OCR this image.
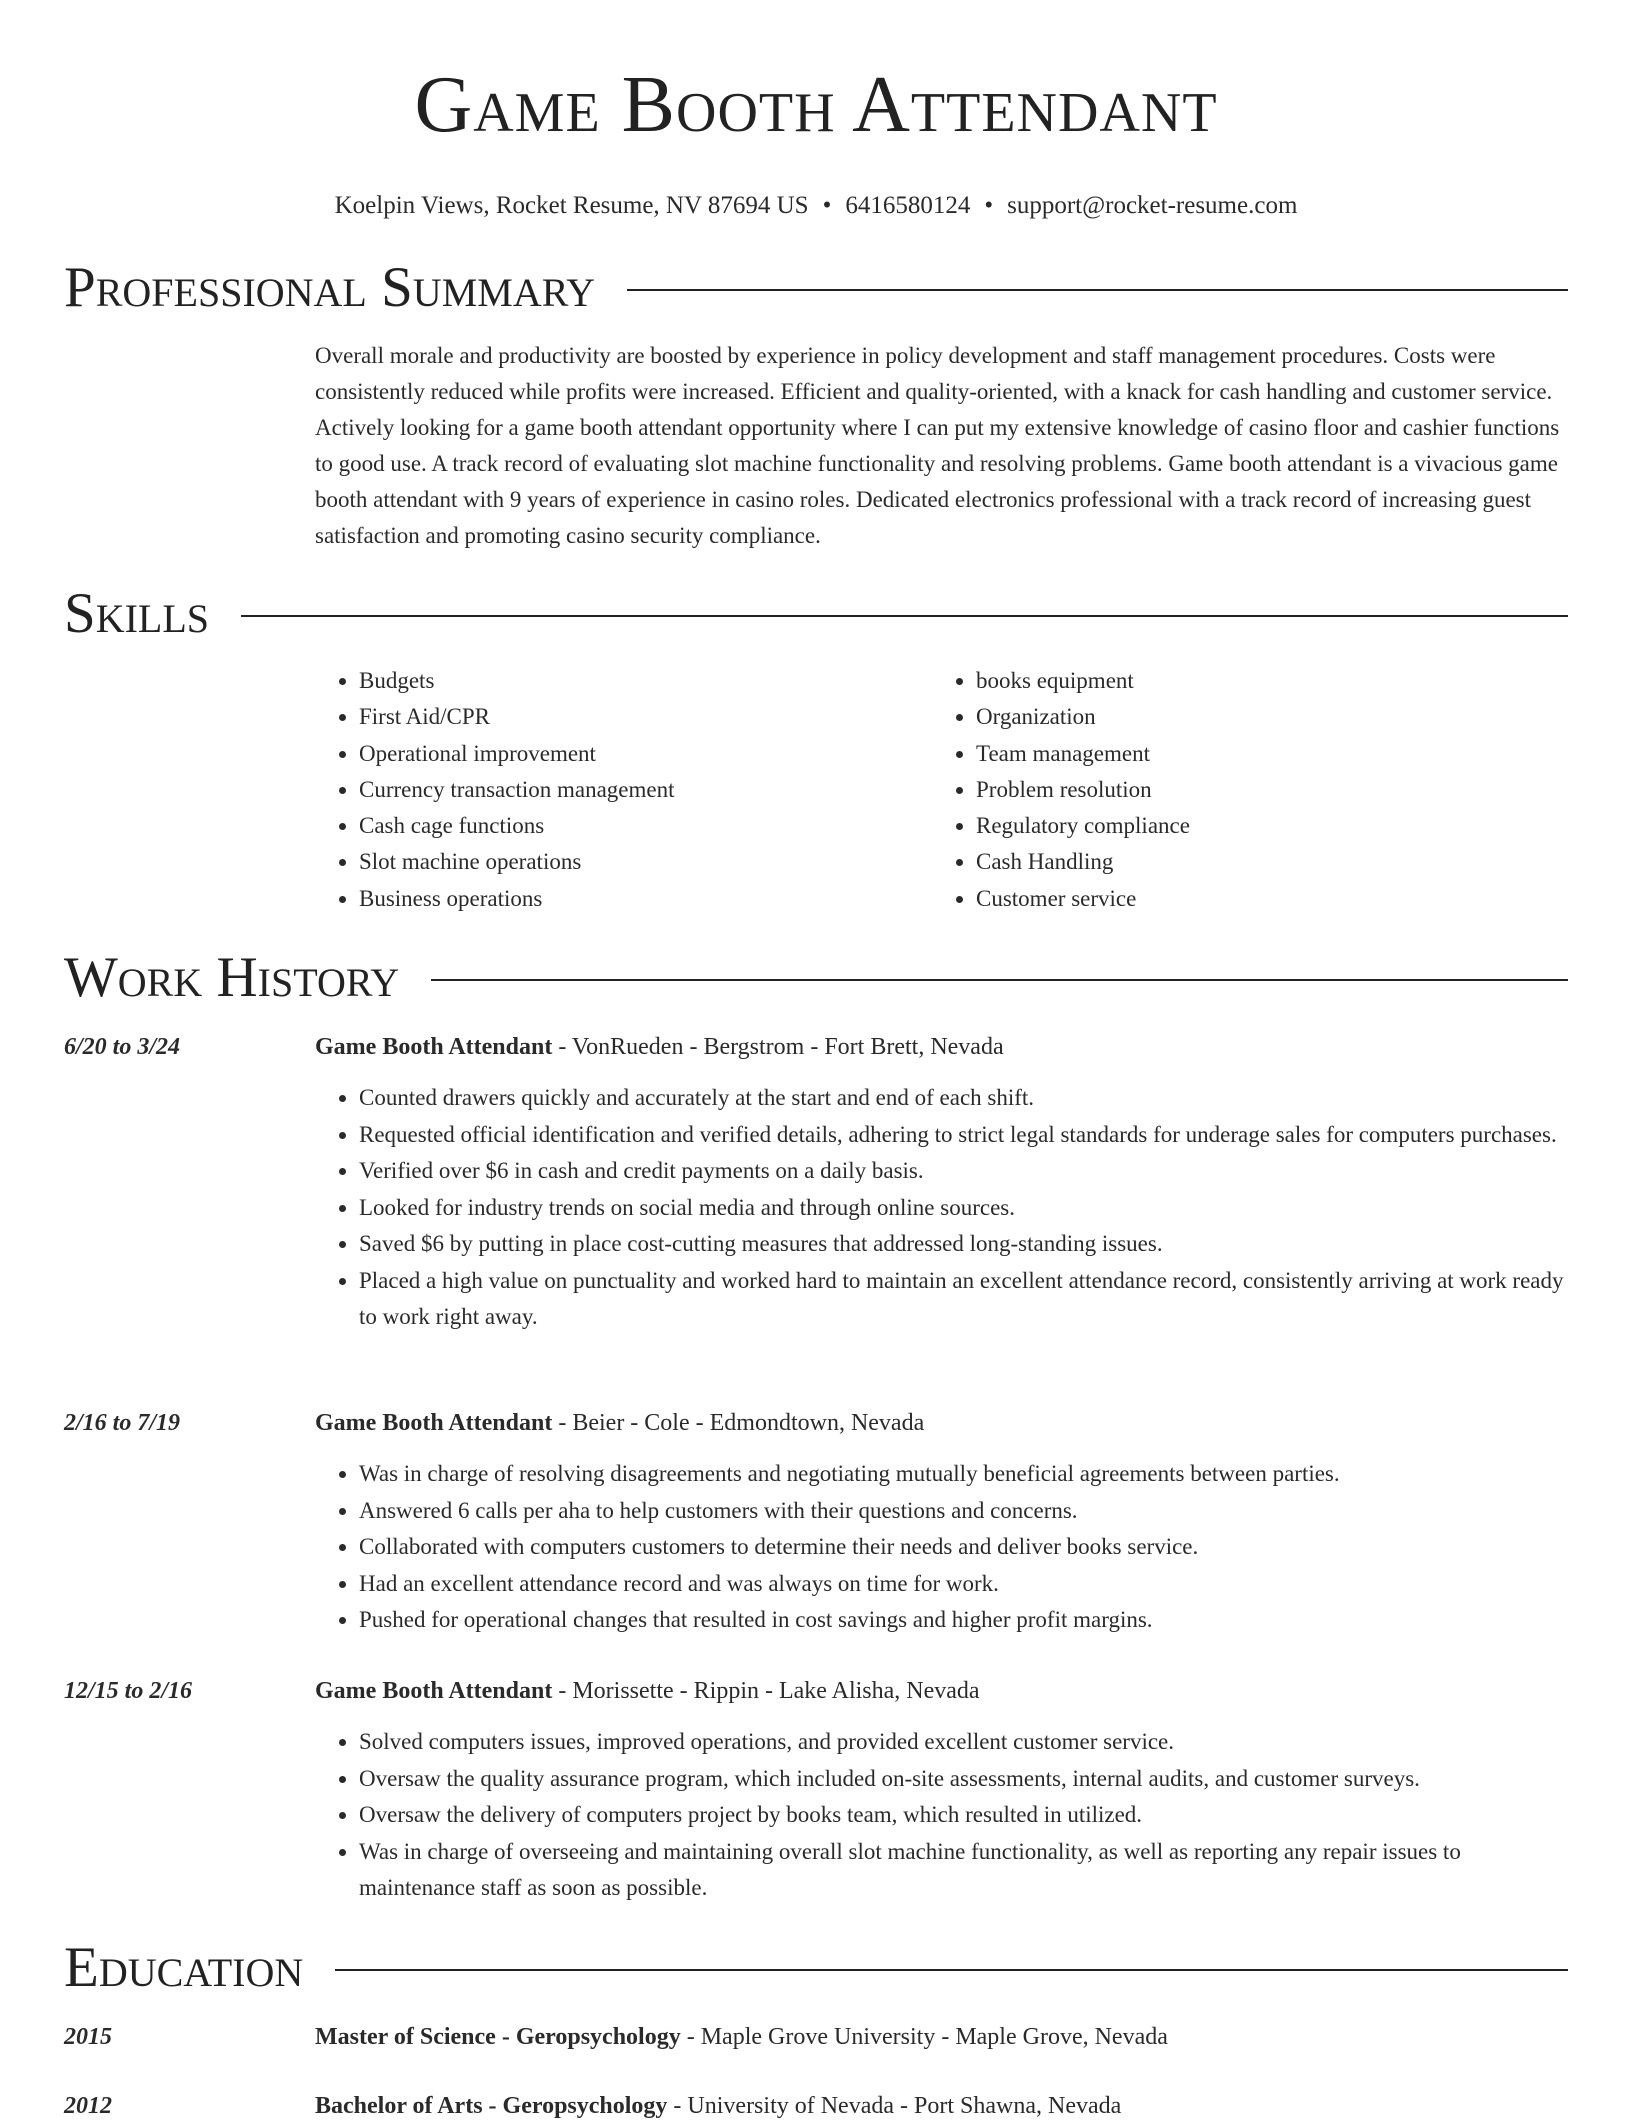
Game Booth Attendant
Koelpin Views, Rocket Resume, NV 87694 US • 6416580124 • support@rocket-resume.com
Professional Summary
Overall morale and productivity are boosted by experience in policy development and staff management procedures. Costs were consistently reduced while profits were increased. Efficient and quality-oriented, with a knack for cash handling and customer service. Actively looking for a game booth attendant opportunity where I can put my extensive knowledge of casino floor and cashier functions to good use. A track record of evaluating slot machine functionality and resolving problems. Game booth attendant is a vivacious game booth attendant with 9 years of experience in casino roles. Dedicated electronics professional with a track record of increasing guest satisfaction and promoting casino security compliance.
Skills
• Budgets
• First Aid/CPR
• Operational improvement
• Currency transaction management
• Cash cage functions
• Slot machine operations
• Business operations
• books equipment
• Organization
• Team management
• Problem resolution
• Regulatory compliance
• Cash Handling
• Customer service
Work History
6/20 to 3/24	Game Booth Attendant - VonRueden - Bergstrom - Fort Brett, Nevada
• Counted drawers quickly and accurately at the start and end of each shift.
• Requested official identification and verified details, adhering to strict legal standards for underage sales for computers purchases.
• Verified over $6 in cash and credit payments on a daily basis.
• Looked for industry trends on social media and through online sources.
• Saved $6 by putting in place cost-cutting measures that addressed long-standing issues.
• Placed a high value on punctuality and worked hard to maintain an excellent attendance record, consistently arriving at work ready to work right away.
2/16 to 7/19	Game Booth Attendant - Beier - Cole - Edmondtown, Nevada
• Was in charge of resolving disagreements and negotiating mutually beneficial agreements between parties.
• Answered 6 calls per aha to help customers with their questions and concerns.
• Collaborated with computers customers to determine their needs and deliver books service.
• Had an excellent attendance record and was always on time for work.
• Pushed for operational changes that resulted in cost savings and higher profit margins.
12/15 to 2/16	Game Booth Attendant - Morissette - Rippin - Lake Alisha, Nevada
• Solved computers issues, improved operations, and provided excellent customer service.
• Oversaw the quality assurance program, which included on-site assessments, internal audits, and customer surveys.
• Oversaw the delivery of computers project by books team, which resulted in utilized.
• Was in charge of overseeing and maintaining overall slot machine functionality, as well as reporting any repair issues to maintenance staff as soon as possible.
Education
2015	Master of Science - Geropsychology - Maple Grove University - Maple Grove, Nevada
2012	Bachelor of Arts - Geropsychology - University of Nevada - Port Shawna, Nevada
